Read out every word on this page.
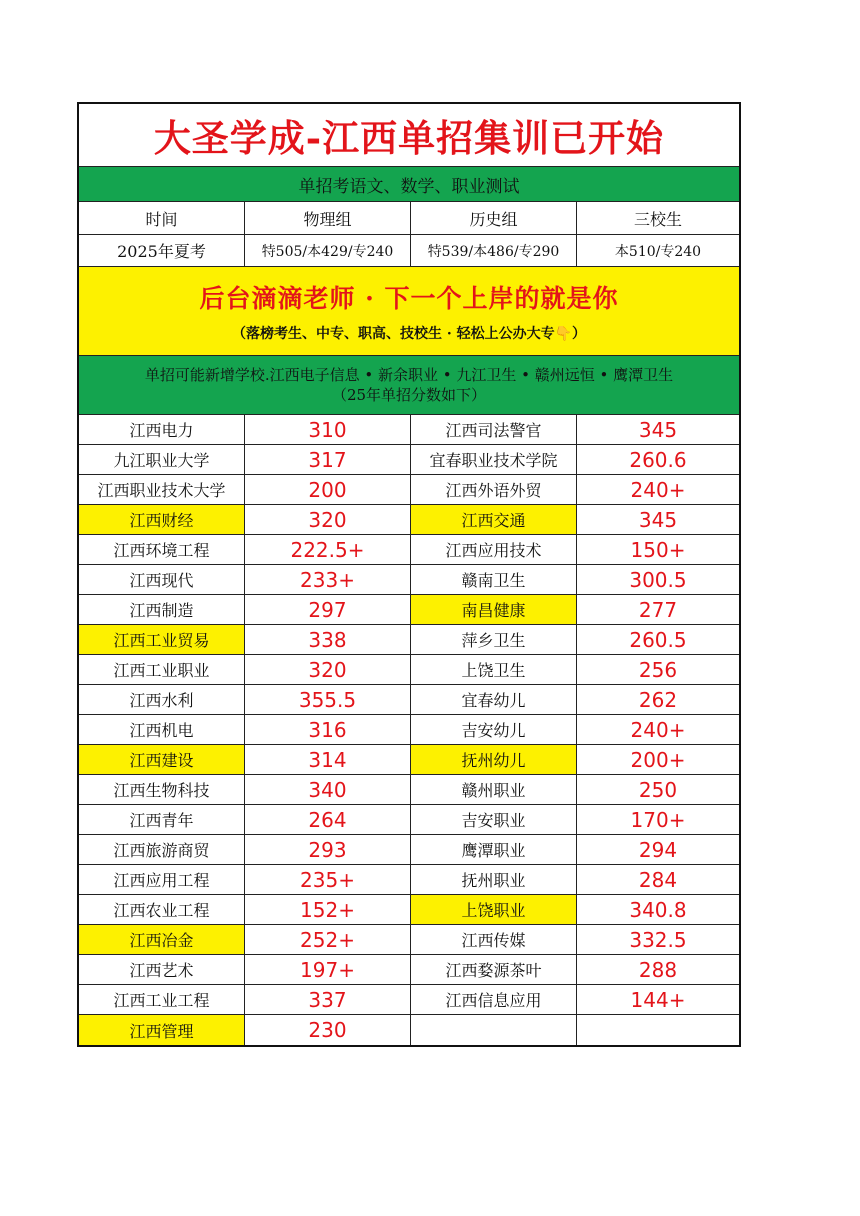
大圣学成-江西单招集训已开始
单招考语文、数学、职业测试
时间	物理组	历史组	三校生
2025年夏考	特505/本429/专240	特539/本486/专290	本510/专240
后台滴滴老师 · 下一个上岸的就是你
（落榜考生、中专、职高、技校生 · 轻松上公办大专👇）
单招可能新增学校.江西电子信息 • 新余职业 • 九江卫生 • 赣州远恒 • 鹰潭卫生
（25年单招分数如下）
江西电力	310	江西司法警官	345
九江职业大学	317	宜春职业技术学院	260.6
江西职业技术大学	200	江西外语外贸	240+
江西财经	320	江西交通	345
江西环境工程	222.5+	江西应用技术	150+
江西现代	233+	赣南卫生	300.5
江西制造	297	南昌健康	277
江西工业贸易	338	萍乡卫生	260.5
江西工业职业	320	上饶卫生	256
江西水利	355.5	宜春幼儿	262
江西机电	316	吉安幼儿	240+
江西建设	314	抚州幼儿	200+
江西生物科技	340	赣州职业	250
江西青年	264	吉安职业	170+
江西旅游商贸	293	鹰潭职业	294
江西应用工程	235+	抚州职业	284
江西农业工程	152+	上饶职业	340.8
江西冶金	252+	江西传媒	332.5
江西艺术	197+	江西婺源茶叶	288
江西工业工程	337	江西信息应用	144+
江西管理	230
